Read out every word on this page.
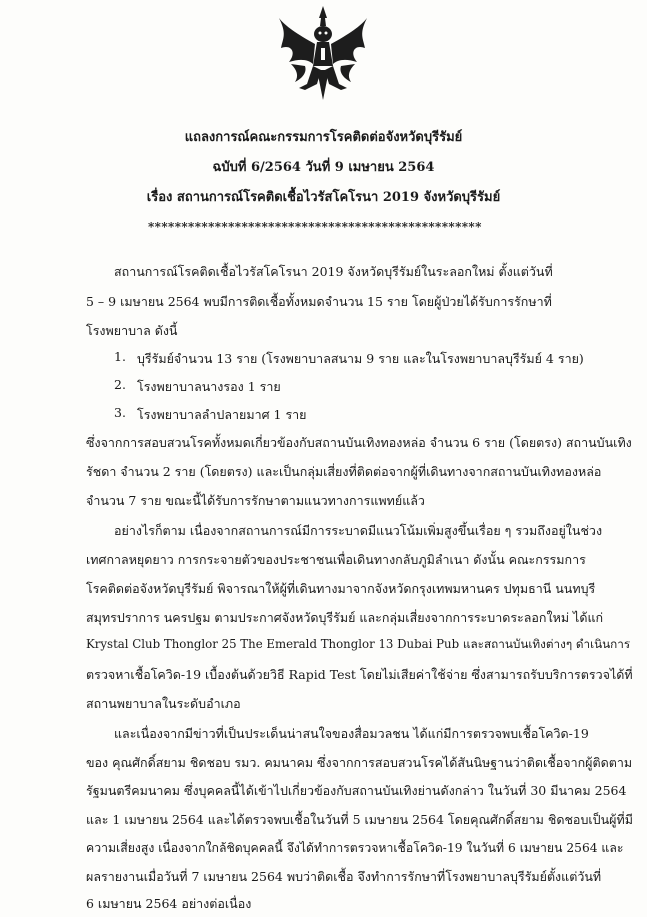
แถลงการณ์คณะกรรมการโรคติดต่อจังหวัดบุรีรัมย์
ฉบับที่ 6/2564 วันที่ 9 เมษายน 2564
เรื่อง สถานการณ์โรคติดเชื้อไวรัสโคโรนา 2019 จังหวัดบุรีรัมย์
**************************************************
สถานการณ์โรคติดเชื้อไวรัสโคโรนา 2019 จังหวัดบุรีรัมย์ในระลอกใหม่ ตั้งแต่วันที่
5 – 9 เมษายน 2564 พบมีการติดเชื้อทั้งหมดจำนวน 15 ราย โดยผู้ป่วยได้รับการรักษาที่
โรงพยาบาล ดังนี้
1. บุรีรัมย์จำนวน 13 ราย (โรงพยาบาลสนาม 9 ราย และในโรงพยาบาลบุรีรัมย์ 4 ราย)
2. โรงพยาบาลนางรอง 1 ราย
3. โรงพยาบาลลำปลายมาศ 1 ราย
ซึ่งจากการสอบสวนโรคทั้งหมดเกี่ยวข้องกับสถานบันเทิงทองหล่อ จำนวน 6 ราย (โดยตรง) สถานบันเทิง
รัชดา จำนวน 2 ราย (โดยตรง) และเป็นกลุ่มเสี่ยงที่ติดต่อจากผู้ที่เดินทางจากสถานบันเทิงทองหล่อ
จำนวน 7 ราย ขณะนี้ได้รับการรักษาตามแนวทางการแพทย์แล้ว
อย่างไรก็ตาม เนื่องจากสถานการณ์มีการระบาดมีแนวโน้มเพิ่มสูงขึ้นเรื่อย ๆ รวมถึงอยู่ในช่วง
เทศกาลหยุดยาว การกระจายตัวของประชาชนเพื่อเดินทางกลับภูมิลำเนา ดังนั้น คณะกรรมการ
โรคติดต่อจังหวัดบุรีรัมย์ พิจารณาให้ผู้ที่เดินทางมาจากจังหวัดกรุงเทพมหานคร ปทุมธานี นนทบุรี
สมุทรปราการ นครปฐม ตามประกาศจังหวัดบุรีรัมย์ และกลุ่มเสี่ยงจากการระบาดระลอกใหม่ ได้แก่
Krystal Club Thonglor 25 The Emerald Thonglor 13 Dubai Pub และสถานบันเทิงต่างๆ ดำเนินการ
ตรวจหาเชื้อโควิด-19 เบื้องต้นด้วยวิธี Rapid Test โดยไม่เสียค่าใช้จ่าย ซึ่งสามารถรับบริการตรวจได้ที่
สถานพยาบาลในระดับอำเภอ
และเนื่องจากมีข่าวที่เป็นประเด็นน่าสนใจของสื่อมวลชน ได้แก่มีการตรวจพบเชื้อโควิด-19
ของ คุณศักดิ์สยาม ชิดชอบ รมว. คมนาคม ซึ่งจากการสอบสวนโรคได้สันนิษฐานว่าติดเชื้อจากผู้ติดตาม
รัฐมนตรีคมนาคม ซึ่งบุคคลนี้ได้เข้าไปเกี่ยวข้องกับสถานบันเทิงย่านดังกล่าว ในวันที่ 30 มีนาคม 2564
และ 1 เมษายน 2564 และได้ตรวจพบเชื้อในวันที่ 5 เมษายน 2564 โดยคุณศักดิ์สยาม ชิดชอบเป็นผู้ที่มี
ความเสี่ยงสูง เนื่องจากใกล้ชิดบุคคลนี้ จึงได้ทำการตรวจหาเชื้อโควิด-19 ในวันที่ 6 เมษายน 2564 และ
ผลรายงานเมื่อวันที่ 7 เมษายน 2564 พบว่าติดเชื้อ จึงทำการรักษาที่โรงพยาบาลบุรีรัมย์ตั้งแต่วันที่
6 เมษายน 2564 อย่างต่อเนื่อง
